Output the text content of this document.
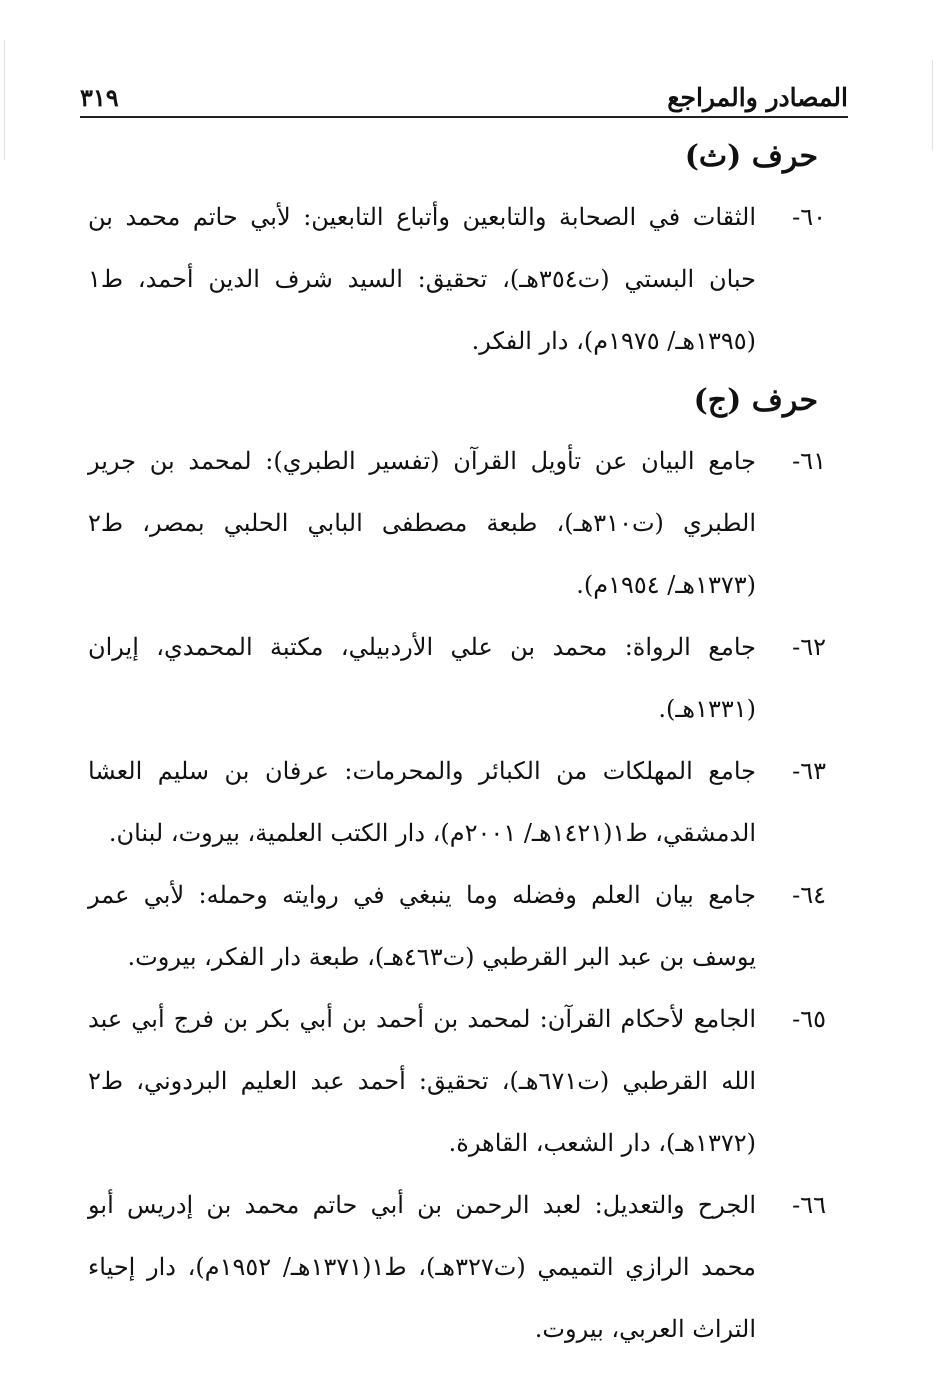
المصادر والمراجع
٣١٩
حرف (ث)
٦٠-الثقات في الصحابة والتابعين وأتباع التابعين: لأبي حاتم محمد بن حبان البستي (ت٣٥٤هـ)، تحقيق: السيد شرف الدين أحمد، ط١ (١٣٩٥هـ/ ١٩٧٥م)، دار الفكر.
حرف (ج)
٦١-جامع البيان عن تأويل القرآن (تفسير الطبري): لمحمد بن جرير الطبري (ت٣١٠هـ)، طبعة مصطفى البابي الحلبي بمصر، ط٢ (١٣٧٣هـ/ ١٩٥٤م).
٦٢-جامع الرواة: محمد بن علي الأردبيلي، مكتبة المحمدي، إيران (١٣٣١هـ).
٦٣-جامع المهلكات من الكبائر والمحرمات: عرفان بن سليم العشا الدمشقي، ط١(١٤٢١هـ/ ٢٠٠١م)، دار الكتب العلمية، بيروت، لبنان.
٦٤-جامع بيان العلم وفضله وما ينبغي في روايته وحمله: لأبي عمر يوسف بن عبد البر القرطبي (ت٤٦٣هـ)، طبعة دار الفكر، بيروت.
٦٥-الجامع لأحكام القرآن: لمحمد بن أحمد بن أبي بكر بن فرج أبي عبد الله القرطبي (ت٦٧١هـ)، تحقيق: أحمد عبد العليم البردوني، ط٢ (١٣٧٢هـ)، دار الشعب، القاهرة.
٦٦-الجرح والتعديل: لعبد الرحمن بن أبي حاتم محمد بن إدريس أبو محمد الرازي التميمي (ت٣٢٧هـ)، ط١(١٣٧١هـ/ ١٩٥٢م)، دار إحياء التراث العربي، بيروت.
